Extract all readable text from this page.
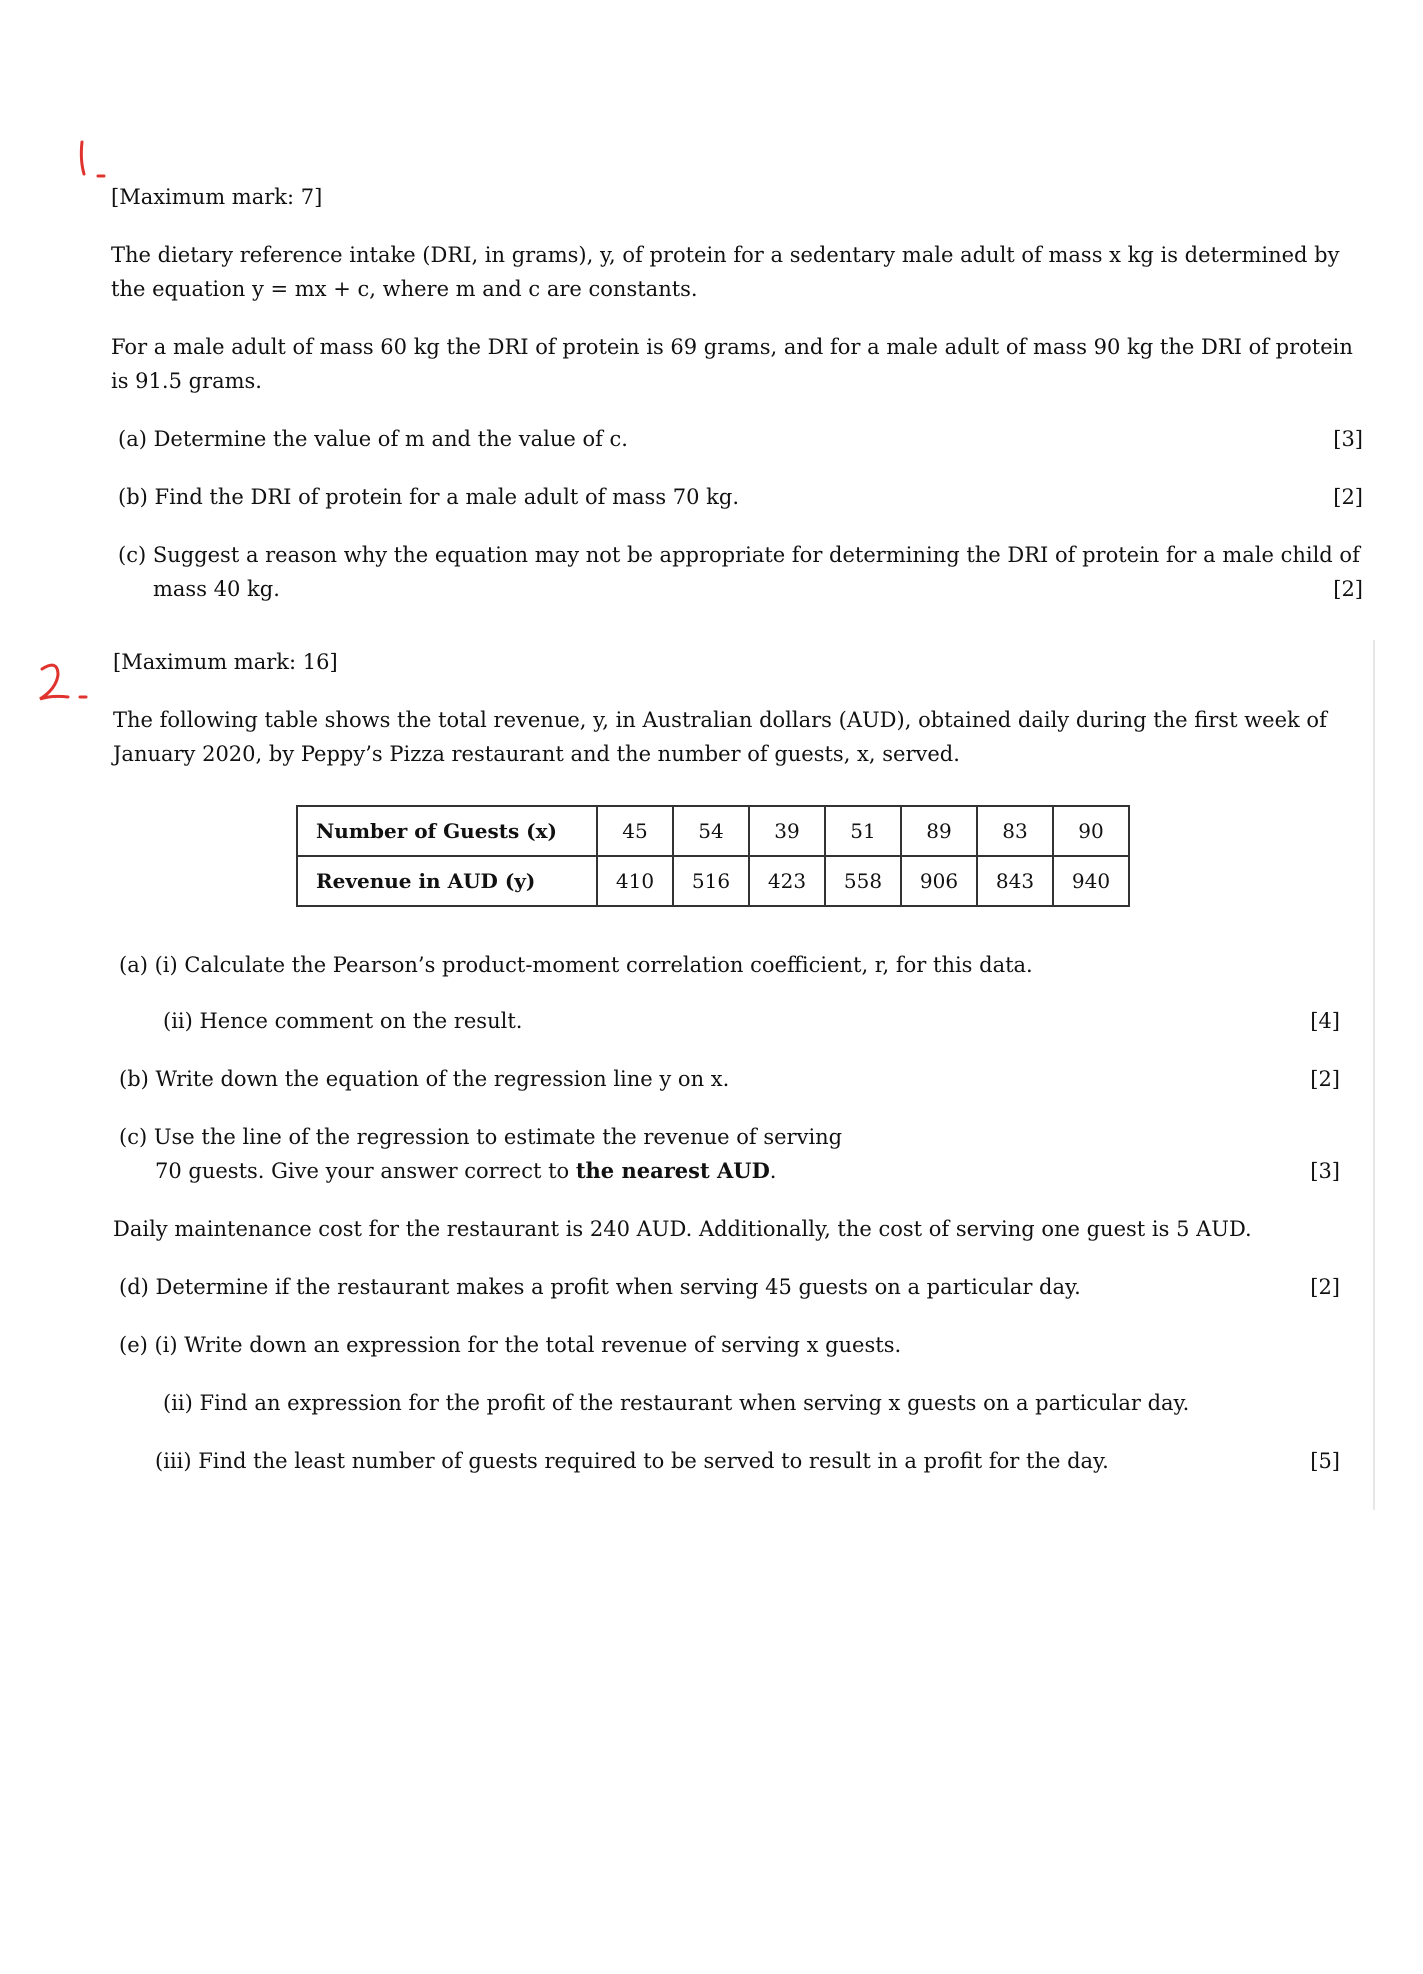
[Maximum mark: 7]
The dietary reference intake (DRI, in grams), y, of protein for a sedentary male adult of mass x kg is determined by
the equation y = mx + c, where m and c are constants.
For a male adult of mass 60 kg the DRI of protein is 69 grams, and for a male adult of mass 90 kg the DRI of protein
is 91.5 grams.
(a) Determine the value of m and the value of c.	[3]
(b) Find the DRI of protein for a male adult of mass 70 kg.	[2]
(c) Suggest a reason why the equation may not be appropriate for determining the DRI of protein for a male child of
mass 40 kg.	[2]
[Maximum mark: 16]
The following table shows the total revenue, y, in Australian dollars (AUD), obtained daily during the first week of
January 2020, by Peppy’s Pizza restaurant and the number of guests, x, served.
Number of Guests (x)	45	54	39	51	89	83	90
Revenue in AUD (y)	410	516	423	558	906	843	940
(a) (i) Calculate the Pearson’s product-moment correlation coefficient, r, for this data.
(ii) Hence comment on the result.	[4]
(b) Write down the equation of the regression line y on x.	[2]
(c) Use the line of the regression to estimate the revenue of serving
70 guests. Give your answer correct to the nearest AUD.	[3]
Daily maintenance cost for the restaurant is 240 AUD. Additionally, the cost of serving one guest is 5 AUD.
(d) Determine if the restaurant makes a profit when serving 45 guests on a particular day.	[2]
(e) (i) Write down an expression for the total revenue of serving x guests.
(ii) Find an expression for the profit of the restaurant when serving x guests on a particular day.
(iii) Find the least number of guests required to be served to result in a profit for the day.	[5]
